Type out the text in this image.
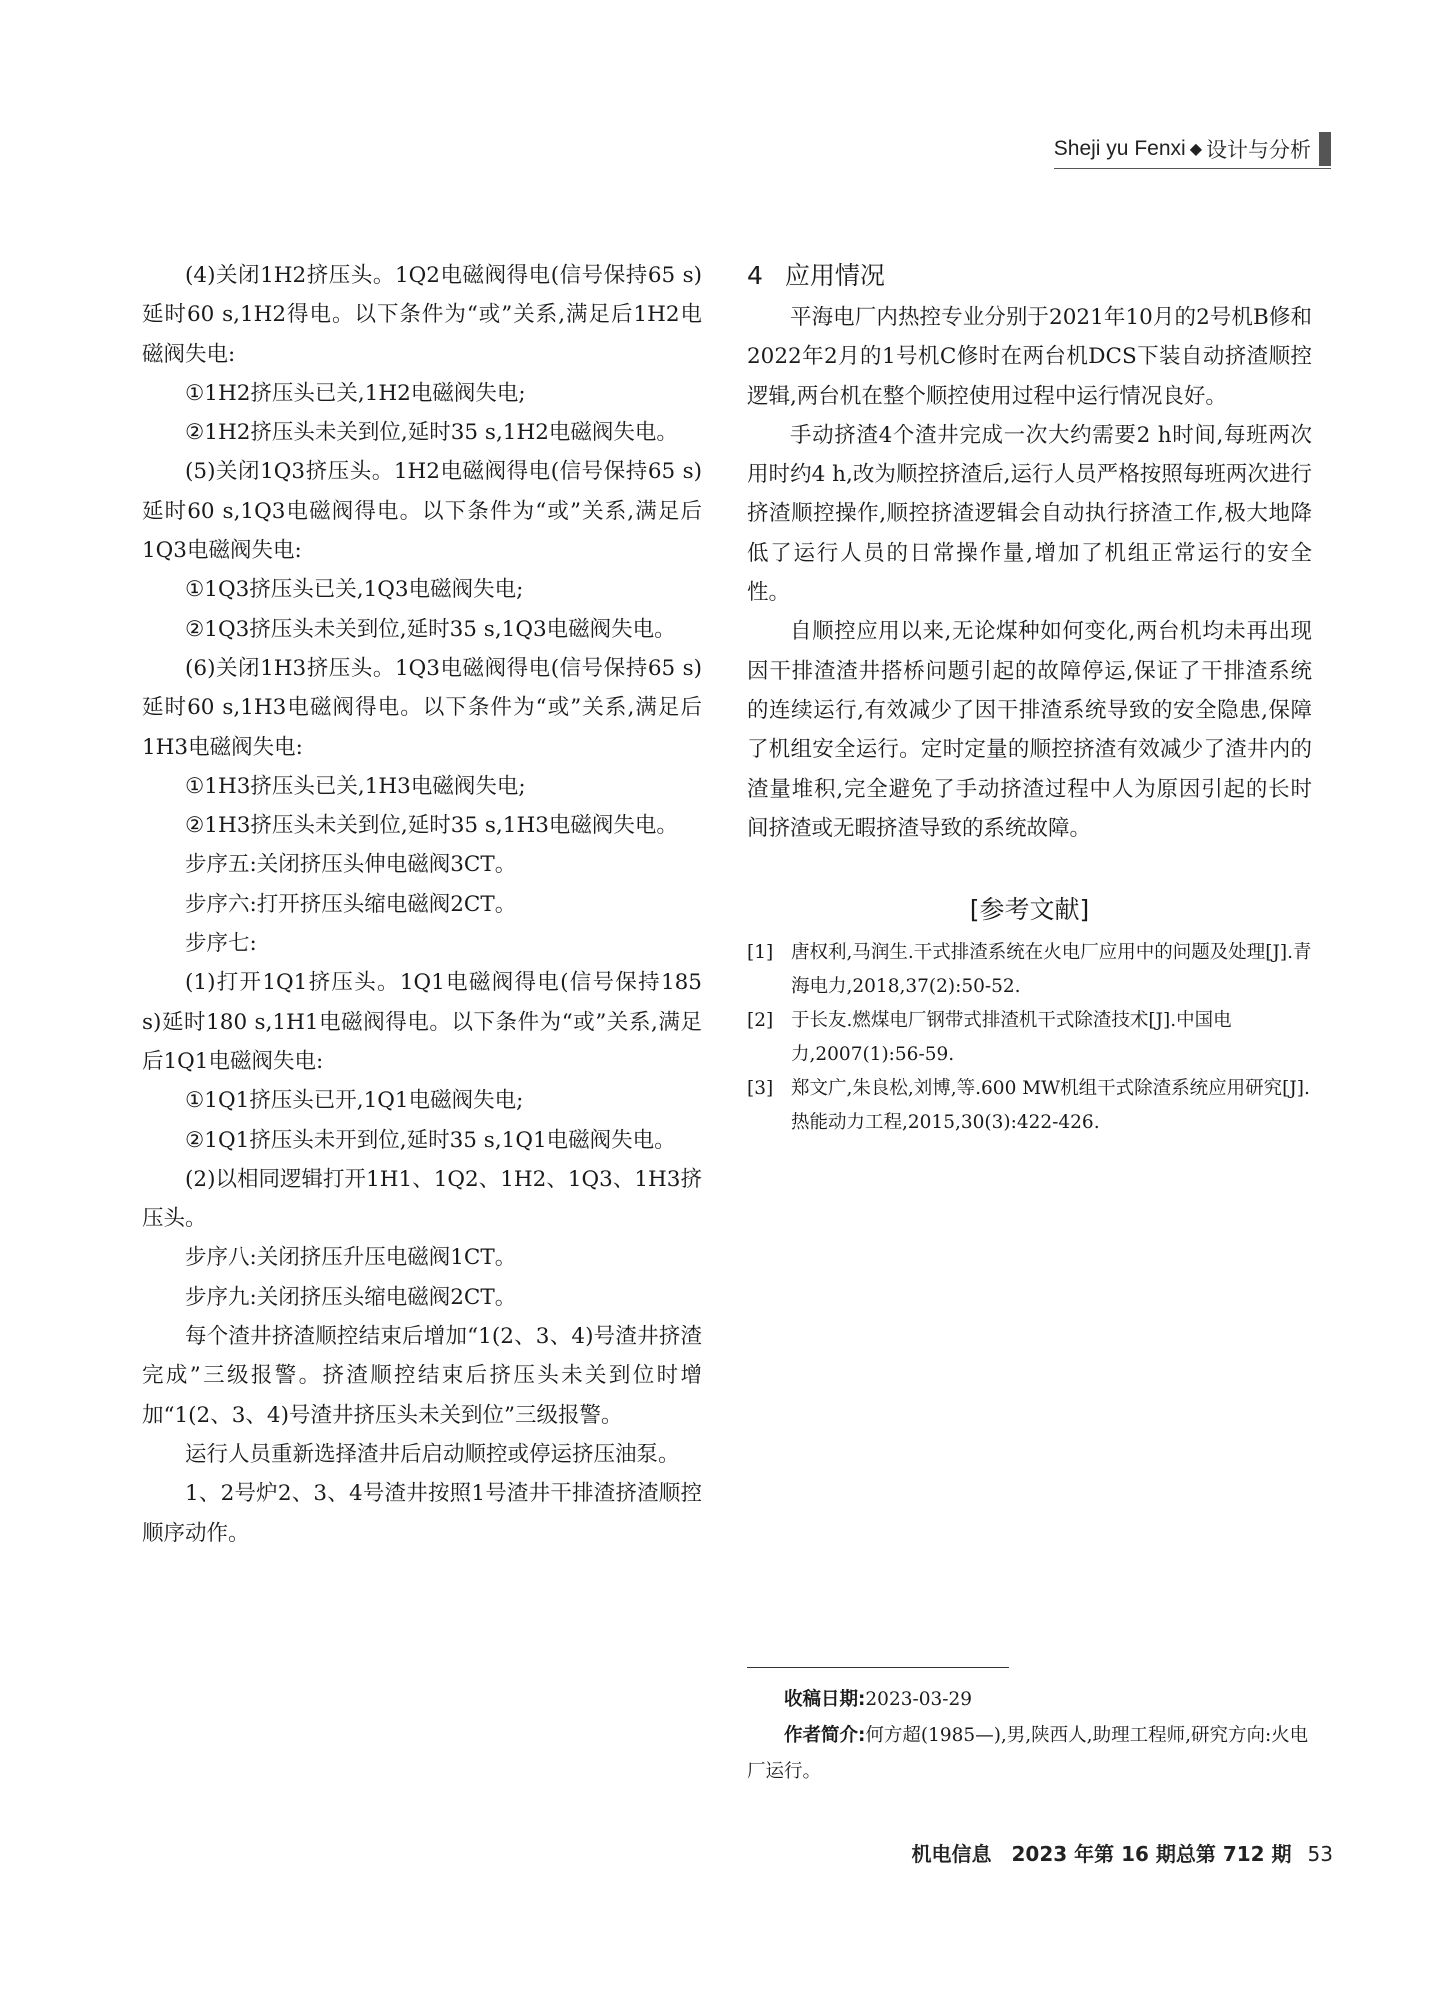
Sheji yu Fenxi ◆ 设计与分析

(4)关闭1H2挤压头。1Q2电磁阀得电(信号保持65 s)延时60 s,1H2得电。以下条件为“或”关系,满足后1H2电磁阀失电:

①1H2挤压头已关,1H2电磁阀失电;

②1H2挤压头未关到位,延时35 s,1H2电磁阀失电。

(5)关闭1Q3挤压头。1H2电磁阀得电(信号保持65 s)延时60 s,1Q3电磁阀得电。以下条件为“或”关系,满足后1Q3电磁阀失电:

①1Q3挤压头已关,1Q3电磁阀失电;

②1Q3挤压头未关到位,延时35 s,1Q3电磁阀失电。

(6)关闭1H3挤压头。1Q3电磁阀得电(信号保持65 s)延时60 s,1H3电磁阀得电。以下条件为“或”关系,满足后1H3电磁阀失电:

①1H3挤压头已关,1H3电磁阀失电;

②1H3挤压头未关到位,延时35 s,1H3电磁阀失电。

步序五:关闭挤压头伸电磁阀3CT。

步序六:打开挤压头缩电磁阀2CT。

步序七:

(1)打开1Q1挤压头。1Q1电磁阀得电(信号保持185 s)延时180 s,1H1电磁阀得电。以下条件为“或”关系,满足后1Q1电磁阀失电:

①1Q1挤压头已开,1Q1电磁阀失电;

②1Q1挤压头未开到位,延时35 s,1Q1电磁阀失电。

(2)以相同逻辑打开1H1、1Q2、1H2、1Q3、1H3挤压头。

步序八:关闭挤压升压电磁阀1CT。

步序九:关闭挤压头缩电磁阀2CT。

每个渣井挤渣顺控结束后增加“1(2、3、4)号渣井挤渣完成”三级报警。挤渣顺控结束后挤压头未关到位时增加“1(2、3、4)号渣井挤压头未关到位”三级报警。

运行人员重新选择渣井后启动顺控或停运挤压油泵。

1、2号炉2、3、4号渣井按照1号渣井干排渣挤渣顺控顺序动作。

4 应用情况

平海电厂内热控专业分别于2021年10月的2号机B修和2022年2月的1号机C修时在两台机DCS下装自动挤渣顺控逻辑,两台机在整个顺控使用过程中运行情况良好。

手动挤渣4个渣井完成一次大约需要2 h时间,每班两次用时约4 h,改为顺控挤渣后,运行人员严格按照每班两次进行挤渣顺控操作,顺控挤渣逻辑会自动执行挤渣工作,极大地降低了运行人员的日常操作量,增加了机组正常运行的安全性。

自顺控应用以来,无论煤种如何变化,两台机均未再出现因干排渣渣井搭桥问题引起的故障停运,保证了干排渣系统的连续运行,有效减少了因干排渣系统导致的安全隐患,保障了机组安全运行。定时定量的顺控挤渣有效减少了渣井内的渣量堆积,完全避免了手动挤渣过程中人为原因引起的长时间挤渣或无暇挤渣导致的系统故障。

[参考文献]
[1] 唐权利,马润生.干式排渣系统在火电厂应用中的问题及处理[J].青海电力,2018,37(2):50-52.
[2] 于长友.燃煤电厂钢带式排渣机干式除渣技术[J].中国电力,2007(1):56-59.
[3] 郑文广,朱良松,刘博,等.600 MW机组干式除渣系统应用研究[J].热能动力工程,2015,30(3):422-426.

收稿日期:2023-03-29

作者简介:何方超(1985—),男,陕西人,助理工程师,研究方向:火电厂运行。

机电信息　2023 年第 16 期总第 712 期 53
